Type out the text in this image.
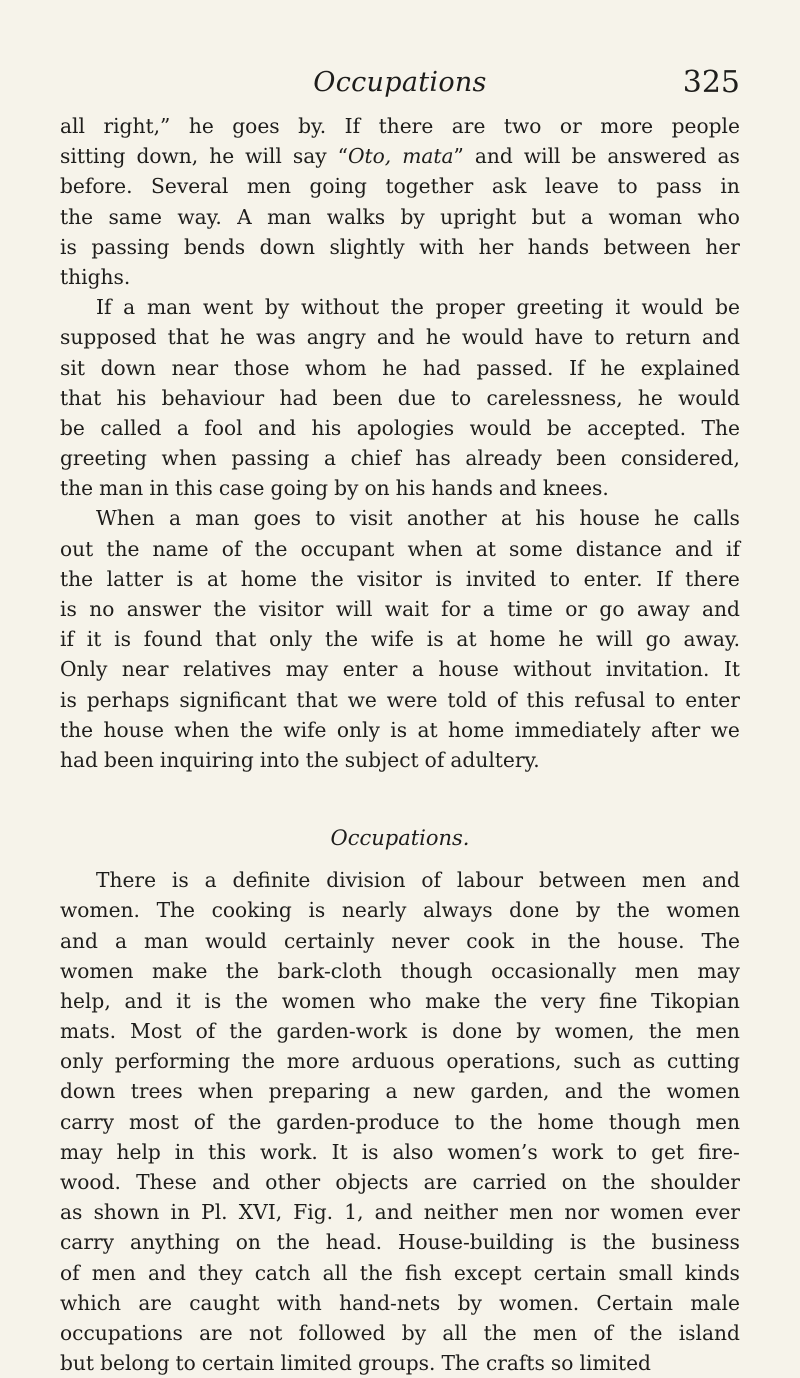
Occupations	325
all right,” he goes by. If there are two or more people
sitting down, he will say “Oto, mata” and will be answered as
before. Several men going together ask leave to pass in
the same way. A man walks by upright but a woman who
is passing bends down slightly with her hands between her
thighs.
If a man went by without the proper greeting it would be
supposed that he was angry and he would have to return and
sit down near those whom he had passed. If he explained
that his behaviour had been due to carelessness, he would
be called a fool and his apologies would be accepted. The
greeting when passing a chief has already been considered,
the man in this case going by on his hands and knees.
When a man goes to visit another at his house he calls
out the name of the occupant when at some distance and if
the latter is at home the visitor is invited to enter. If there
is no answer the visitor will wait for a time or go away and
if it is found that only the wife is at home he will go away.
Only near relatives may enter a house without invitation. It
is perhaps significant that we were told of this refusal to enter
the house when the wife only is at home immediately after we
had been inquiring into the subject of adultery.
Occupations.
There is a definite division of labour between men and
women. The cooking is nearly always done by the women
and a man would certainly never cook in the house. The
women make the bark-cloth though occasionally men may
help, and it is the women who make the very fine Tikopian
mats. Most of the garden-work is done by women, the men
only performing the more arduous operations, such as cutting
down trees when preparing a new garden, and the women
carry most of the garden-produce to the home though men
may help in this work. It is also women’s work to get fire-
wood. These and other objects are carried on the shoulder
as shown in Pl. XVI, Fig. 1, and neither men nor women ever
carry anything on the head. House-building is the business
of men and they catch all the fish except certain small kinds
which are caught with hand-nets by women. Certain male
occupations are not followed by all the men of the island
but belong to certain limited groups. The crafts so limited
